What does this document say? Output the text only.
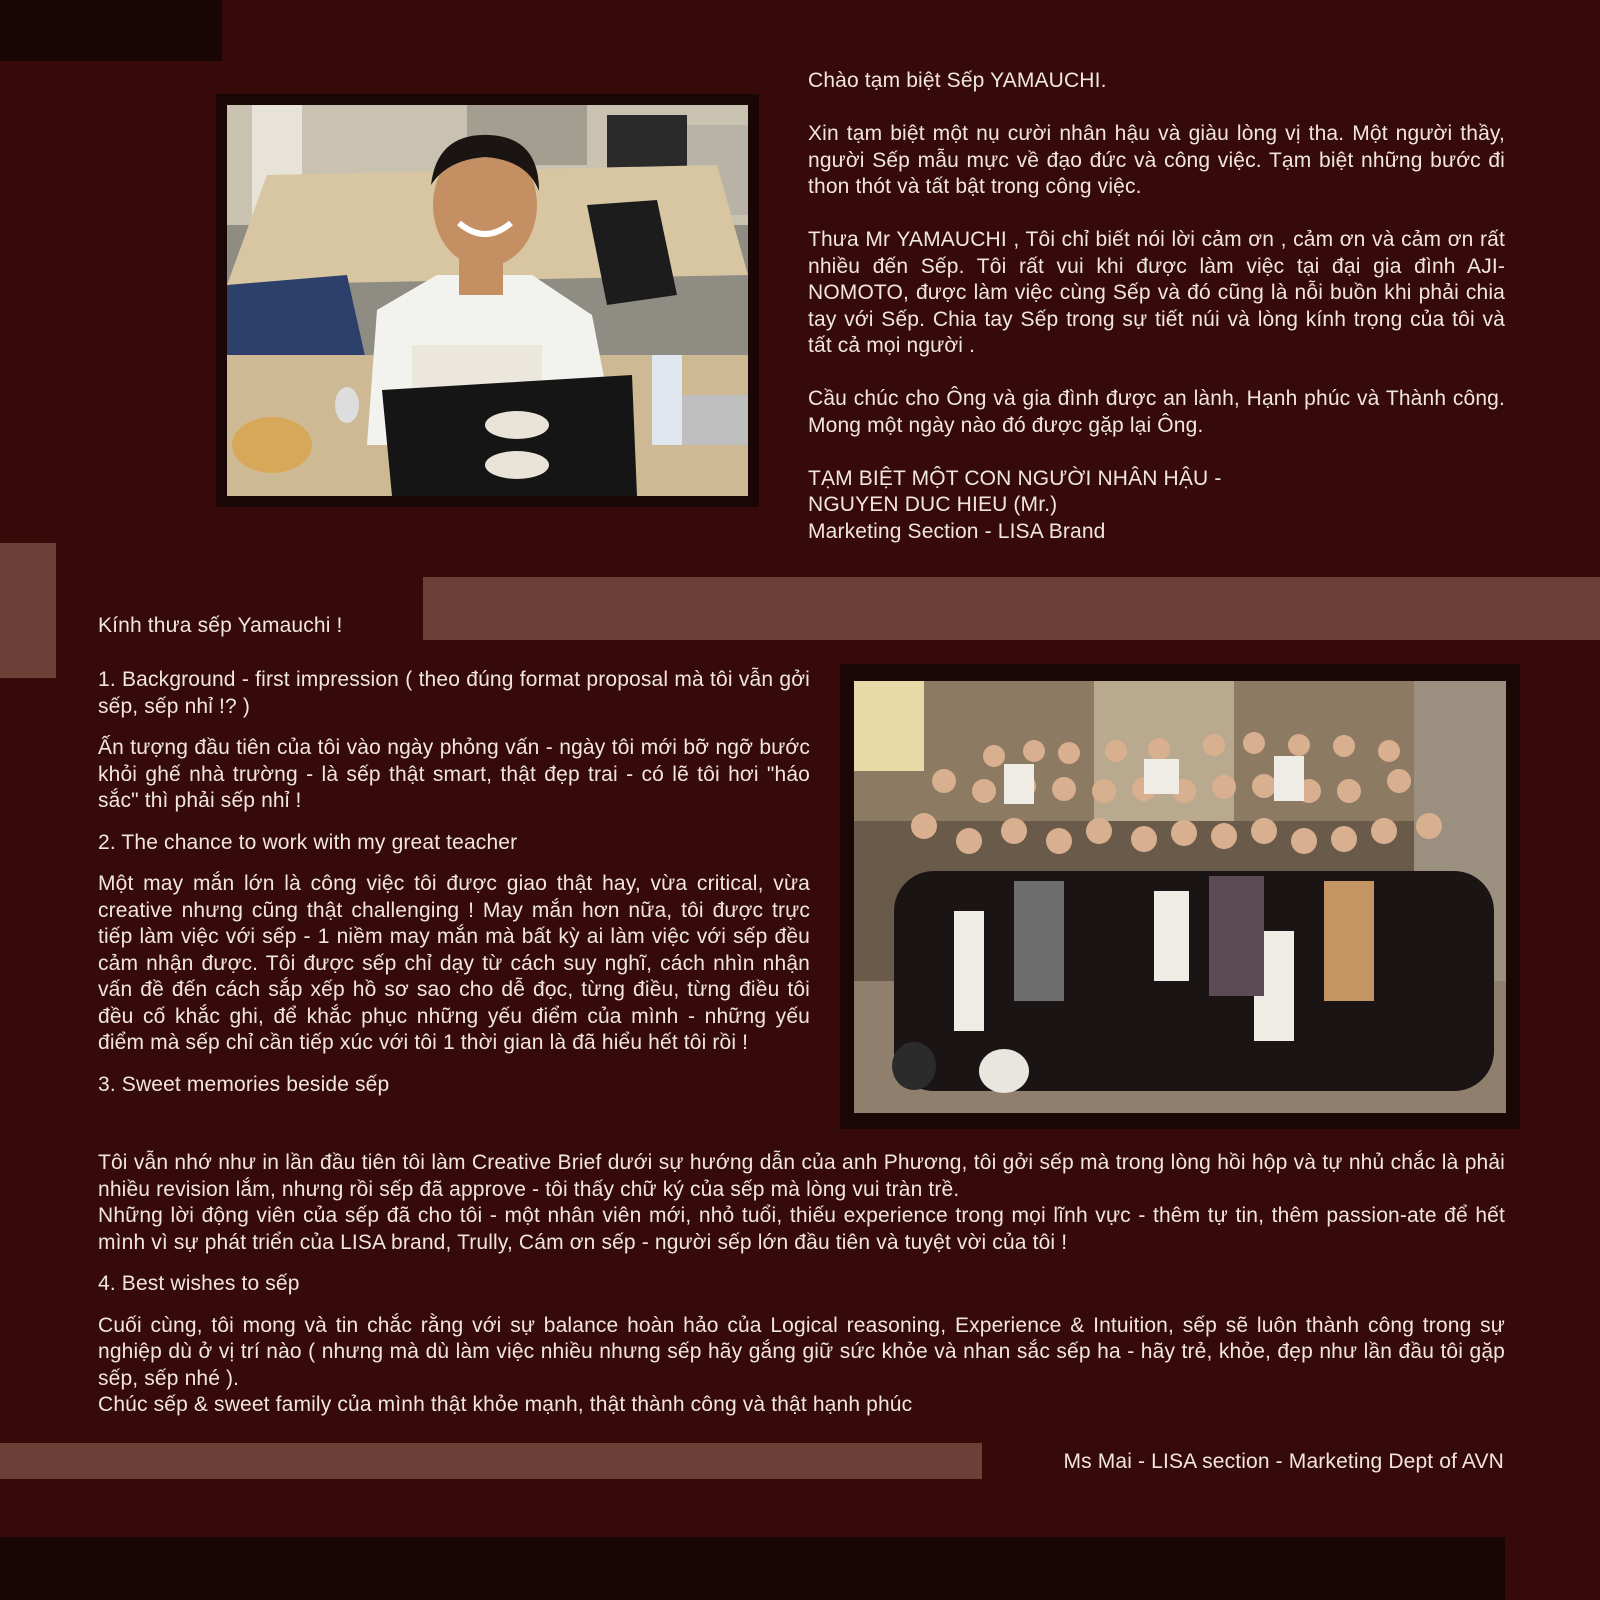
Chào tạm biệt Sếp YAMAUCHI.

Xin tạm biệt một nụ cười nhân hậu và giàu lòng vị tha. Một người thầy, người Sếp mẫu mực về đạo đức và công việc. Tạm biệt những bước đi thon thót và tất bật trong công việc.

Thưa Mr YAMAUCHI , Tôi chỉ biết nói lời cảm ơn , cảm ơn và cảm ơn rất nhiều đến Sếp. Tôi rất vui khi được làm việc tại đại gia đình AJI-NOMOTO, được làm việc cùng Sếp và đó cũng là nỗi buồn khi phải chia tay với Sếp. Chia tay Sếp trong sự tiết núi và lòng kính trọng của tôi và tất cả mọi người .

Cầu chúc cho Ông và gia đình được an lành, Hạnh phúc và Thành công. Mong một ngày nào đó được gặp lại Ông.

TẠM BIỆT MỘT CON NGƯỜI NHÂN HẬU -

NGUYEN DUC HIEU (Mr.)

Marketing Section - LISA Brand

Kính thưa sếp Yamauchi !

1. Background - first impression ( theo đúng format proposal mà tôi vẫn gởi sếp, sếp nhỉ !? )

Ấn tượng đầu tiên của tôi vào ngày phỏng vấn - ngày tôi mới bỡ ngỡ bước khỏi ghế nhà trường - là sếp thật smart, thật đẹp trai - có lẽ tôi hơi "háo sắc" thì phải sếp nhỉ !

2. The chance to work with my great teacher

Một may mắn lớn là công việc tôi được giao thật hay, vừa critical, vừa creative nhưng cũng thật challenging ! May mắn hơn nữa, tôi được trực tiếp làm việc với sếp - 1 niềm may mắn mà bất kỳ ai làm việc với sếp đều cảm nhận được. Tôi được sếp chỉ dạy từ cách suy nghĩ, cách nhìn nhận vấn đề đến cách sắp xếp hồ sơ sao cho dễ đọc, từng điều, từng điều tôi đều cố khắc ghi, để khắc phục những yếu điểm của mình - những yếu điểm mà sếp chỉ cần tiếp xúc với tôi 1 thời gian là đã hiểu hết tôi rồi !

3. Sweet memories beside sếp

Tôi vẫn nhớ như in lần đầu tiên tôi làm Creative Brief dưới sự hướng dẫn của anh Phương, tôi gởi sếp mà trong lòng hồi hộp và tự nhủ chắc là phải nhiều revision lắm, nhưng rồi sếp đã approve - tôi thấy chữ ký của sếp mà lòng vui tràn trề.

Những lời động viên của sếp đã cho tôi - một nhân viên mới, nhỏ tuổi, thiếu experience trong mọi lĩnh vực - thêm tự tin, thêm passion-ate để hết mình vì sự phát triển của LISA brand, Trully, Cám ơn sếp - người sếp lớn đầu tiên và tuyệt vời của tôi !

4. Best wishes to sếp

Cuối cùng, tôi mong và tin chắc rằng với sự balance hoàn hảo của Logical reasoning, Experience & Intuition, sếp sẽ luôn thành công trong sự nghiệp dù ở vị trí nào ( nhưng mà dù làm việc nhiều nhưng sếp hãy gắng giữ sức khỏe và nhan sắc sếp ha - hãy trẻ, khỏe, đẹp như lần đầu tôi gặp sếp, sếp nhé ).

Chúc sếp & sweet family của mình thật khỏe mạnh, thật thành công và thật hạnh phúc

Ms Mai - LISA section - Marketing Dept of AVN
